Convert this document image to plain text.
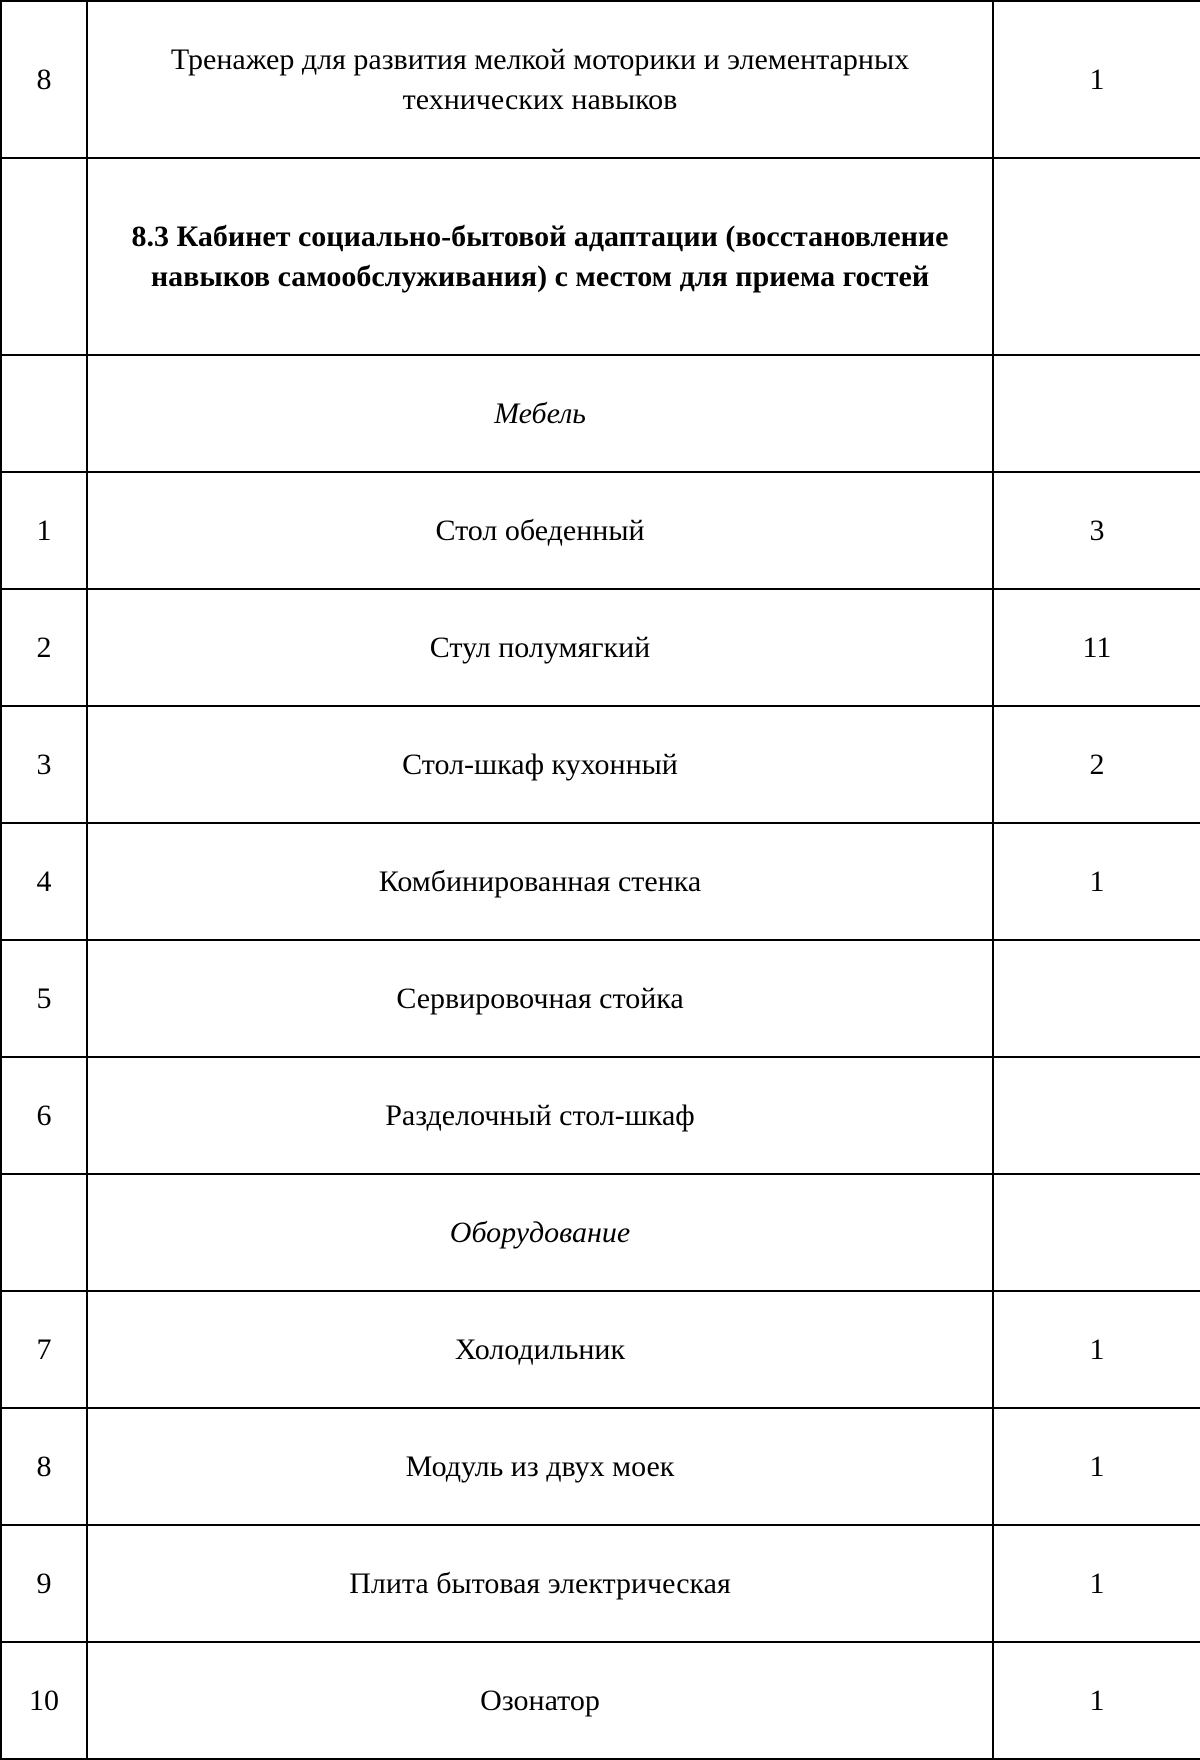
8	Тренажер для развития мелкой моторики и элементарных технических навыков	1
	8.3 Кабинет социально-бытовой адаптации (восстановление навыков самообслуживания) с местом для приема гостей	
	Мебель	
1	Стол обеденный	3
2	Стул полумягкий	11
3	Стол-шкаф кухонный	2
4	Комбинированная стенка	1
5	Сервировочная стойка	
6	Разделочный стол-шкаф	
	Оборудование	
7	Холодильник	1
8	Модуль из двух моек	1
9	Плита бытовая электрическая	1
10	Озонатор	1
